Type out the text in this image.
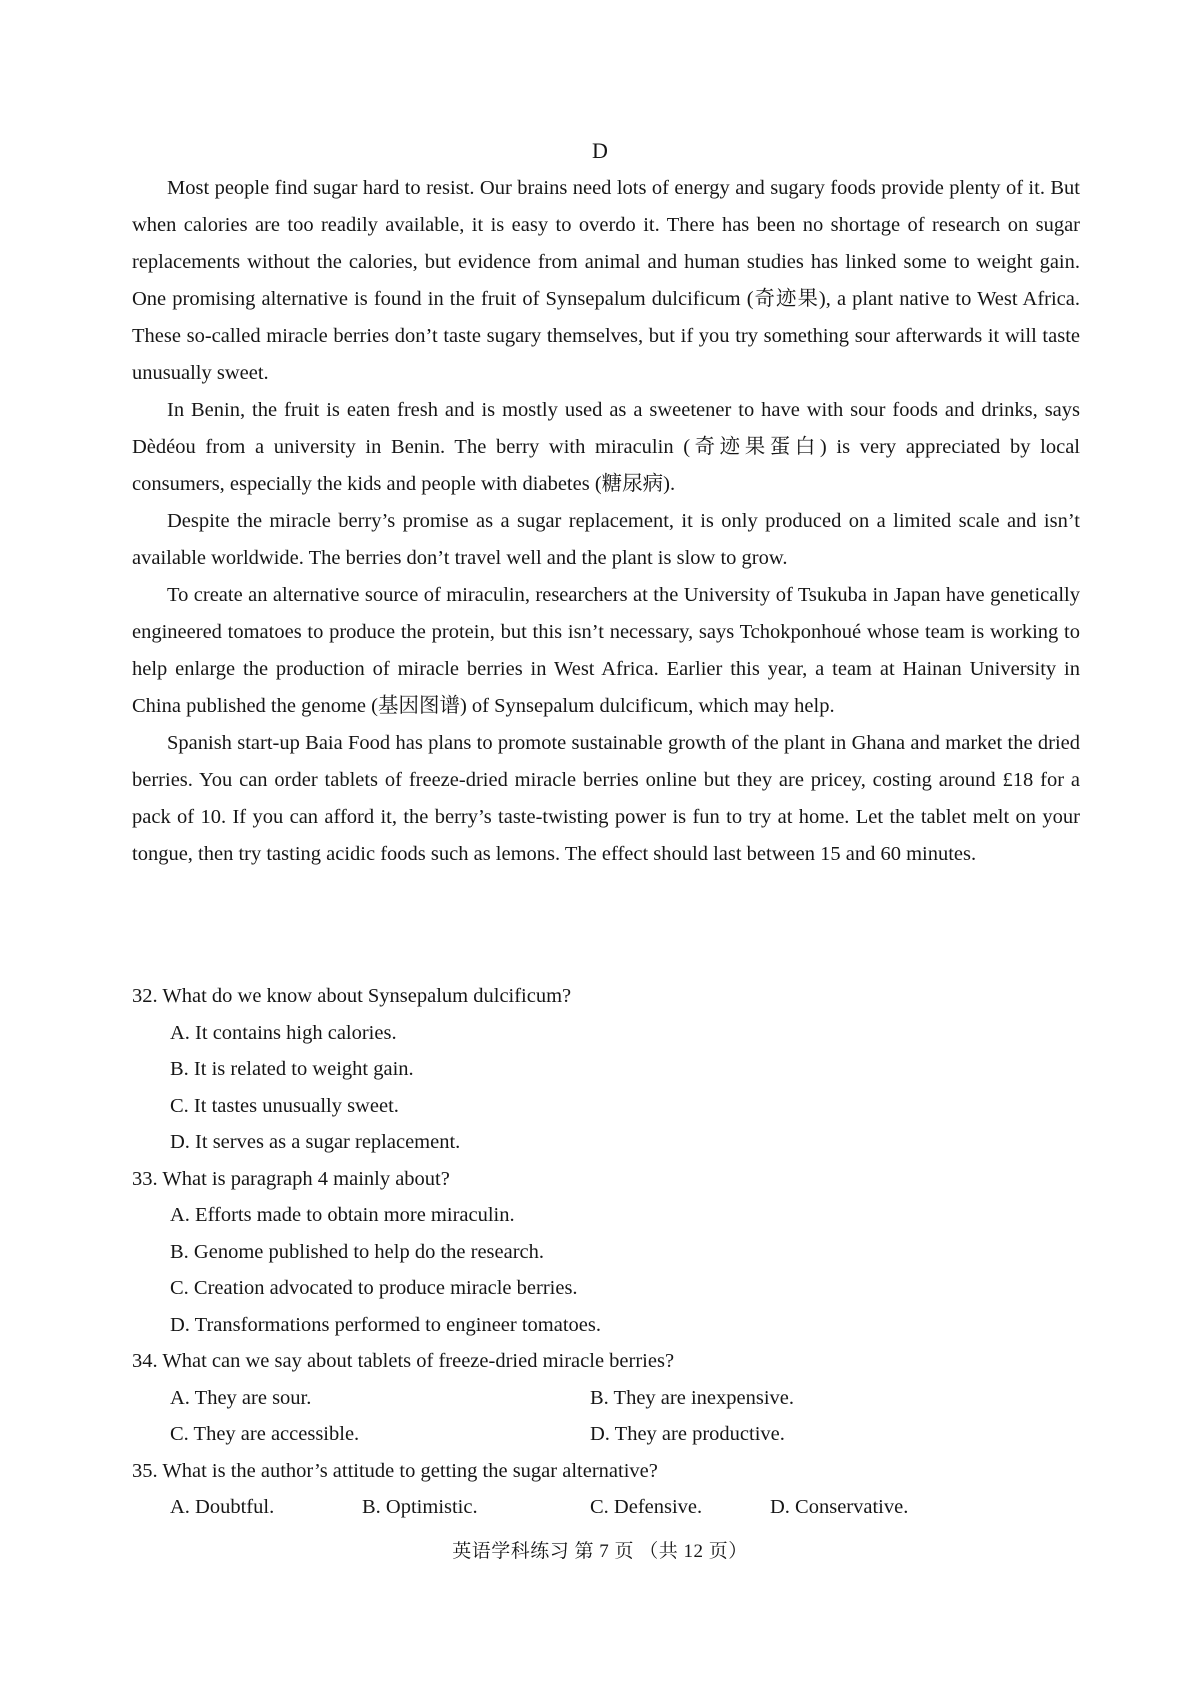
D

Most people find sugar hard to resist. Our brains need lots of energy and sugary foods provide plenty of it. But when calories are too readily available, it is easy to overdo it. There has been no shortage of research on sugar replacements without the calories, but evidence from animal and human studies has linked some to weight gain. One promising alternative is found in the fruit of Synsepalum dulcificum (奇迹果), a plant native to West Africa. These so-called miracle berries don’t taste sugary themselves, but if you try something sour afterwards it will taste unusually sweet.

In Benin, the fruit is eaten fresh and is mostly used as a sweetener to have with sour foods and drinks, says Dèdéou from a university in Benin. The berry with miraculin (奇迹果蛋白) is very appreciated by local consumers, especially the kids and people with diabetes (糖尿病).

Despite the miracle berry’s promise as a sugar replacement, it is only produced on a limited scale and isn’t available worldwide. The berries don’t travel well and the plant is slow to grow.

To create an alternative source of miraculin, researchers at the University of Tsukuba in Japan have genetically engineered tomatoes to produce the protein, but this isn’t necessary, says Tchokponhoué whose team is working to help enlarge the production of miracle berries in West Africa. Earlier this year, a team at Hainan University in China published the genome (基因图谱) of Synsepalum dulcificum, which may help.

Spanish start-up Baia Food has plans to promote sustainable growth of the plant in Ghana and market the dried berries. You can order tablets of freeze-dried miracle berries online but they are pricey, costing around £18 for a pack of 10. If you can afford it, the berry’s taste-twisting power is fun to try at home. Let the tablet melt on your tongue, then try tasting acidic foods such as lemons. The effect should last between 15 and 60 minutes.

32. What do we know about Synsepalum dulcificum?

A. It contains high calories.

B. It is related to weight gain.

C. It tastes unusually sweet.

D. It serves as a sugar replacement.

33. What is paragraph 4 mainly about?

A. Efforts made to obtain more miraculin.

B. Genome published to help do the research.

C. Creation advocated to produce miracle berries.

D. Transformations performed to engineer tomatoes.

34. What can we say about tablets of freeze-dried miracle berries?

A. They are sour.	B. They are inexpensive.
C. They are accessible.	D. They are productive.

35. What is the author’s attitude to getting the sugar alternative?

A. Doubtful.	B. Optimistic.	C. Defensive.	D. Conservative.
英语学科练习 第 7 页 （共 12 页）
